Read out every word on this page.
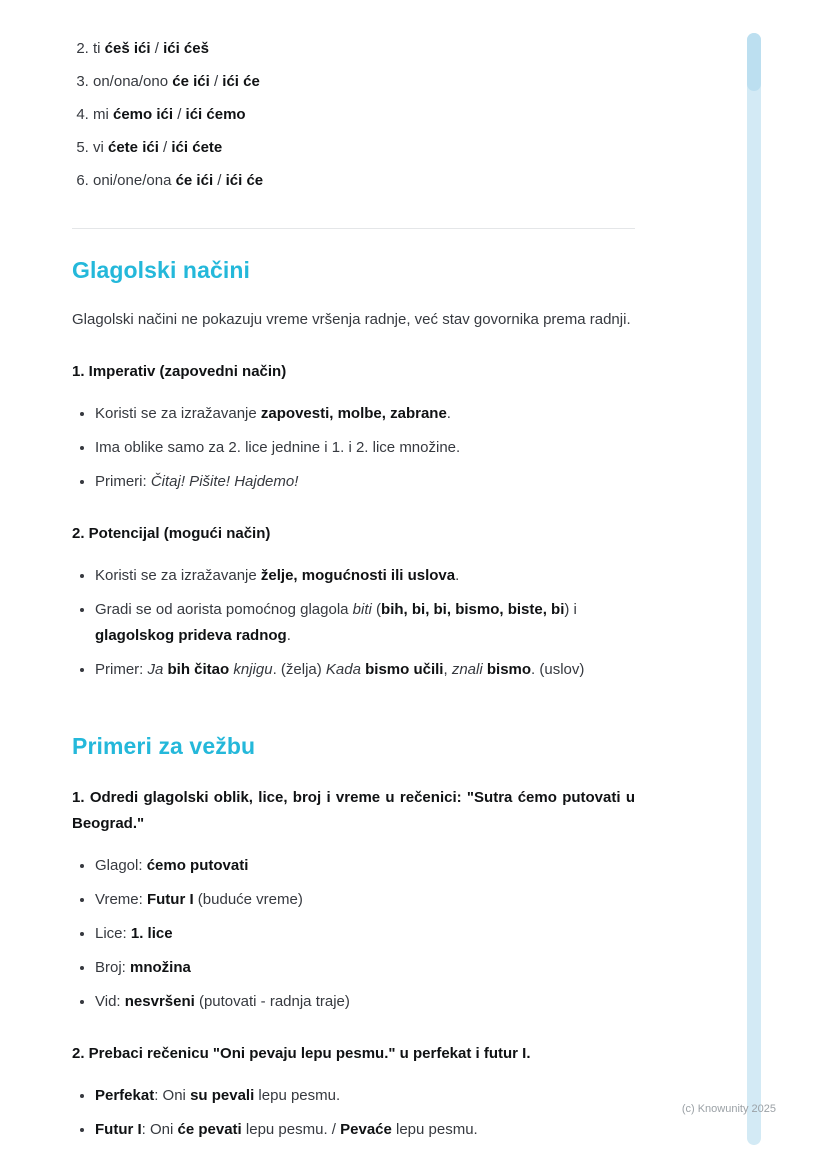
2. ti ćeš ići / ići ćeš
3. on/ona/ono će ići / ići će
4. mi ćemo ići / ići ćemo
5. vi ćete ići / ići ćete
6. oni/one/ona će ići / ići će
Glagolski načini

Glagolski načini ne pokazuju vreme vršenja radnje, već stav govornika prema radnji.

1. Imperativ (zapovedni način)

• Koristi se za izražavanje zapovesti, molbe, zabrane.
• Ima oblike samo za 2. lice jednine i 1. i 2. lice množine.
• Primeri: Čitaj! Pišite! Hajdemo!

2. Potencijal (mogući način)

• Koristi se za izražavanje želje, mogućnosti ili uslova.
• Gradi se od aorista pomoćnog glagola biti (bih, bi, bi, bismo, biste, bi) i glagolskog prideva radnog.
• Primer: Ja bih čitao knjigu. (želja) Kada bismo učili, znali bismo. (uslov)
Primeri za vežbu

1. Odredi glagolski oblik, lice, broj i vreme u rečenici: "Sutra ćemo putovati u Beograd."

• Glagol: ćemo putovati
• Vreme: Futur I (buduće vreme)
• Lice: 1. lice
• Broj: množina
• Vid: nesvršeni (putovati - radnja traje)

2. Prebaci rečenicu "Oni pevaju lepu pesmu." u perfekat i futur I.

• Perfekat: Oni su pevali lepu pesmu.
• Futur I: Oni će pevati lepu pesmu. / Pevaće lepu pesmu.
(c) Knowunity 2025
